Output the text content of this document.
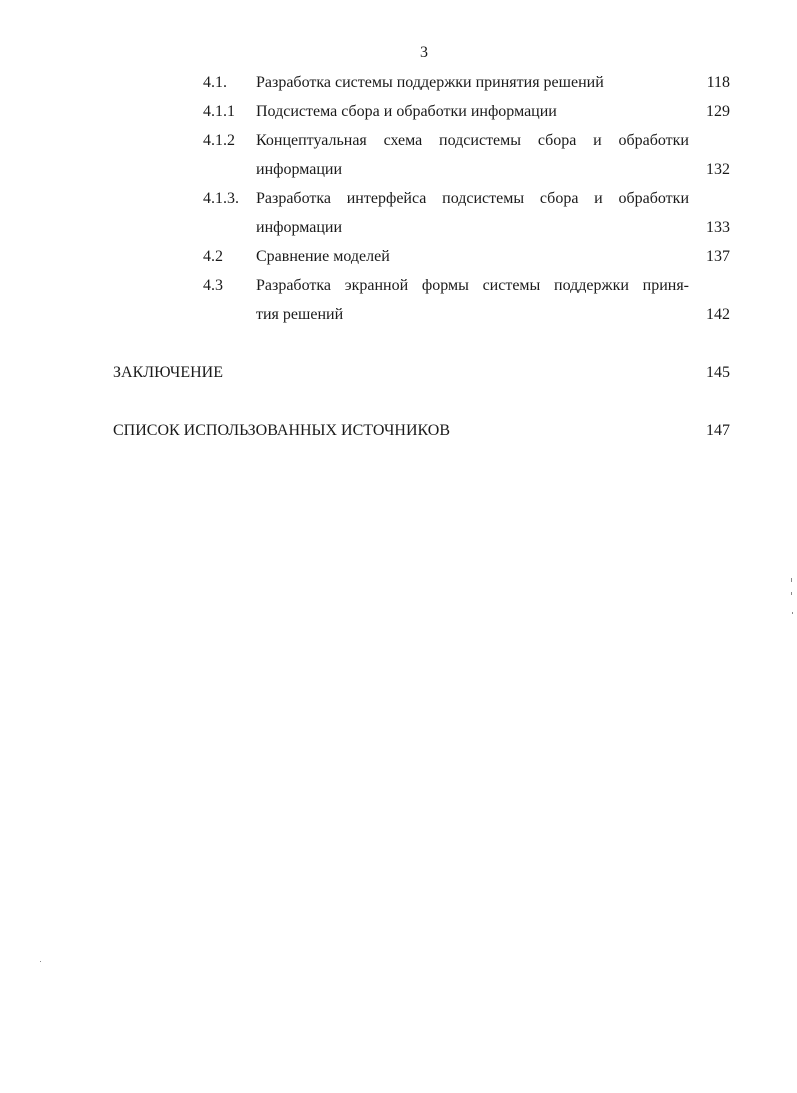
3
4.1. Разработка системы поддержки принятия решений	118
4.1.1 Подсистема сбора и обработки информации	129
4.1.2 Концептуальная схема подсистемы сбора и обработки
информации	132
4.1.3. Разработка интерфейса подсистемы сбора и обработки
информации	133
4.2 Сравнение моделей	137
4.3 Разработка экранной формы системы поддержки приня-
тия решений	142
ЗАКЛЮЧЕНИЕ	145
СПИСОК ИСПОЛЬЗОВАННЫХ ИСТОЧНИКОВ	147
